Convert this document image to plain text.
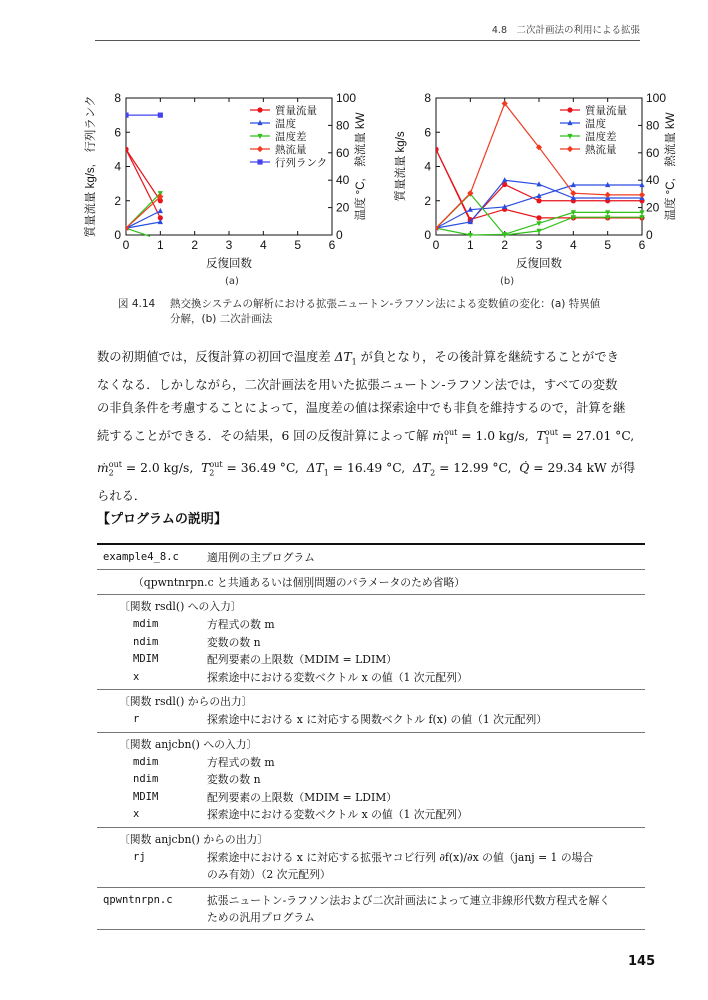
4.8　二次計画法の利用による拡張
0 1 2 3 4 5 6
0
2
4
6
8
0
20
40
60
80
100
反復回数
質量流量 kg/s,　行列ランク	温度 °C,　熱流量 kW
質量流量
温度
温度差
熱流量
行列ランク
0 1 2 3 4 5 6
0
2
4
6
8
0
20
40
60
80
100
反復回数
質量流量 kg/s	温度 °C,　熱流量 kW
質量流量
温度
温度差
熱流量
(a)	(b)
図 4.14 熱交換システムの解析における拡張ニュートン-ラフソン法による変数値の変化：(a) 特異値
分解，(b) 二次計画法
数の初期値では，反復計算の初回で温度差 $\Delta T_1$ が負となり，その後計算を継続することができ
なくなる．しかしながら，二次計画法を用いた拡張ニュートン-ラフソン法では，すべての変数
の非負条件を考慮することによって，温度差の値は探索途中でも非負を維持するので，計算を継
続することができる．その結果，6 回の反復計算によって解 ṁ$_1^{out}$ = 1.0 kg/s, $T_1^{out} = 27.01$ °C,
ṁ$_2^{out}$ = 2.0 kg/s, $T_2^{out} = 36.49$ °C, $\Delta T_1 = 16.49$ °C, $\Delta T_2 = 12.99$ °C, Q̇ = 29.34 kW が得
られる．
【プログラムの説明】
example4_8.c	適用例の主プログラム
（qpwntnrpn.c と共通あるいは個別問題のパラメータのため省略）
〔関数 rsdl() への入力〕
mdim	方程式の数 m
ndim	変数の数 n
MDIM	配列要素の上限数（MDIM = LDIM）
x	探索途中における変数ベクトル x の値（1 次元配列）
〔関数 rsdl() からの出力〕
r	探索途中における x に対応する関数ベクトル f(x) の値（1 次元配列）
〔関数 anjcbn() への入力〕
mdim	方程式の数 m
ndim	変数の数 n
MDIM	配列要素の上限数（MDIM = LDIM）
x	探索途中における変数ベクトル x の値（1 次元配列）
〔関数 anjcbn() からの出力〕
rj	探索途中における x に対応する拡張ヤコビ行列 ∂f(x)/∂x の値（janj = 1 の場合
のみ有効）（2 次元配列）
qpwntnrpn.c	拡張ニュートン-ラフソン法および二次計画法によって連立非線形代数方程式を解く
ための汎用プログラム
145
